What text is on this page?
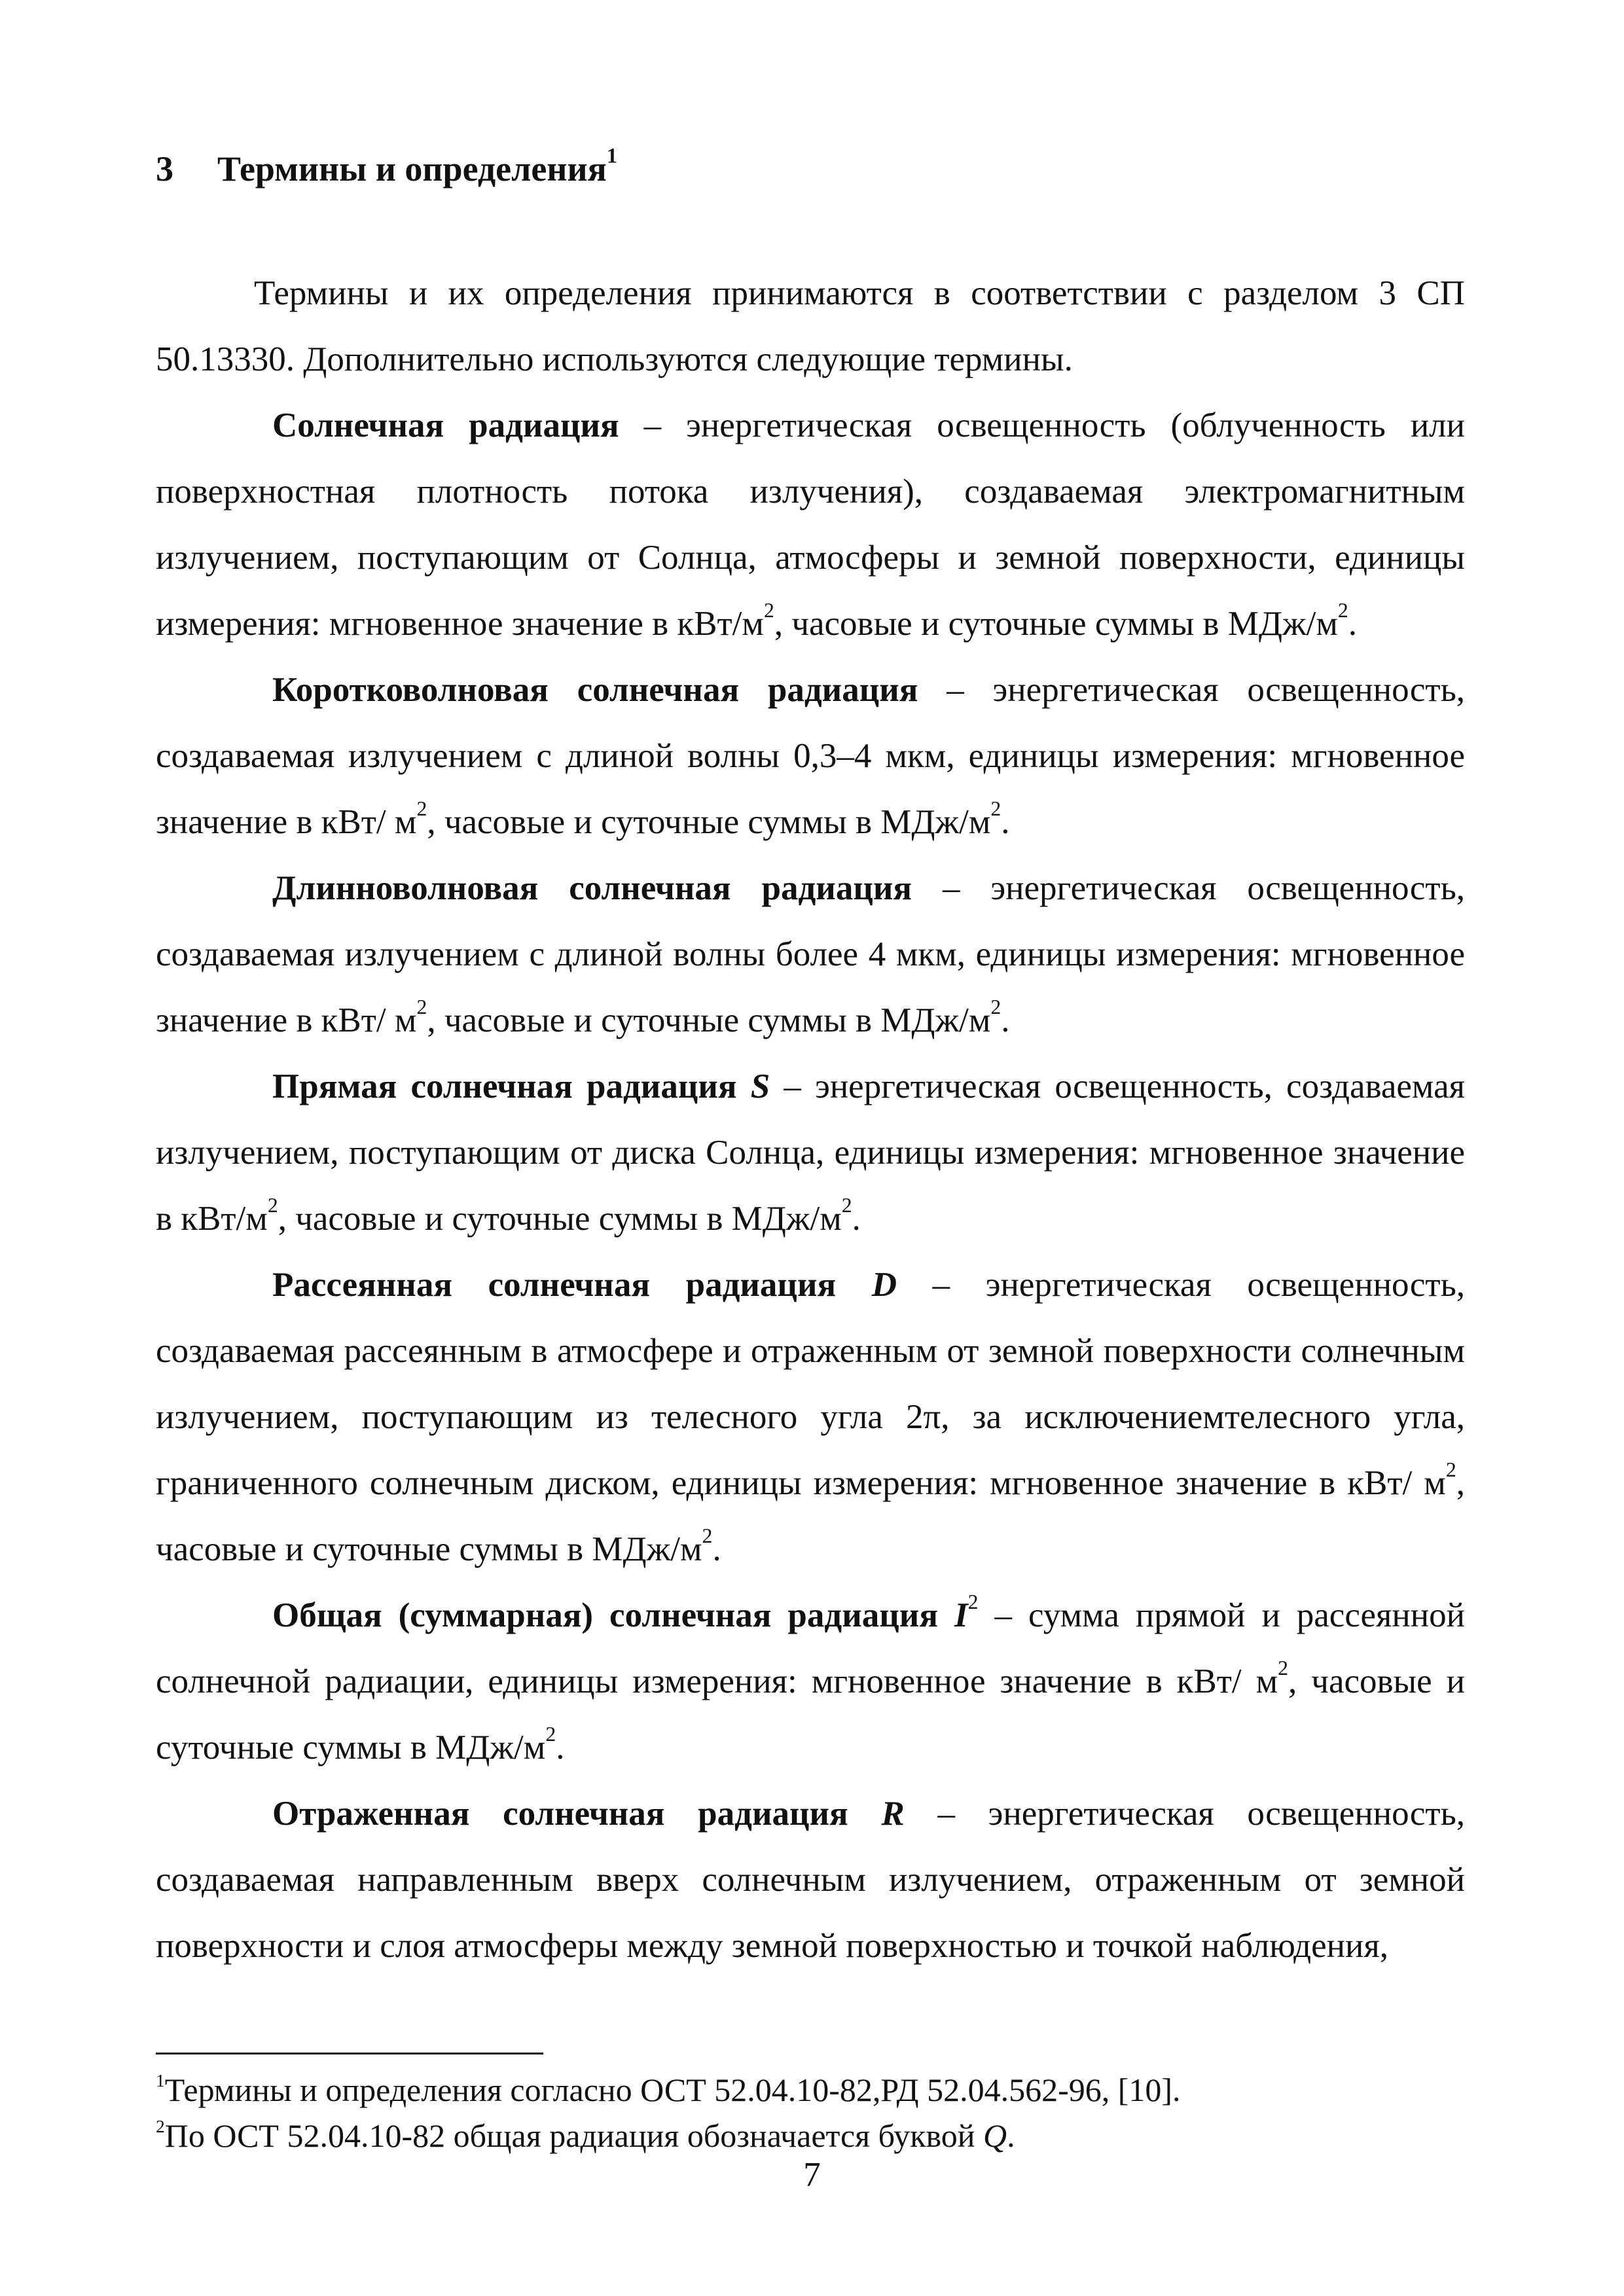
3 Термины и определения$^1$

Термины и их определения принимаются в соответствии с разделом 3 СП 50.13330. Дополнительно используются следующие термины.

Солнечная радиация – энергетическая освещенность (облученность или поверхностная плотность потока излучения), создаваемая электромагнитным излучением, поступающим от Солнца, атмосферы и земной поверхности, единицы измерения: мгновенное значение в кВт/$м^2$, часовые и суточные суммы в МДж/$м^2$.

Коротковолновая солнечная радиация – энергетическая освещенность, создаваемая излучением с длиной волны 0,3–4 мкм, единицы измерения: мгновенное значение в кВт/ $м^2$, часовые и суточные суммы в МДж/$м^2$.

Длинноволновая солнечная радиация – энергетическая освещенность, создаваемая излучением с длиной волны более 4 мкм, единицы измерения: мгновенное значение в кВт/ $м^2$, часовые и суточные суммы в МДж/$м^2$.

Прямая солнечная радиация S – энергетическая освещенность, создаваемая излучением, поступающим от диска Солнца, единицы измерения: мгновенное значение в кВт/$м^2$, часовые и суточные суммы в МДж/$м^2$.

Рассеянная солнечная радиация D – энергетическая освещенность, создаваемая рассеянным в атмосфере и отраженным от земной поверхности солнечным излучением, поступающим из телесного угла 2π, за исключениемтелесного угла, граниченного солнечным диском, единицы измерения: мгновенное значение в кВт/ $м^2$, часовые и суточные суммы в МДж/$м^2$.

Общая (суммарная) солнечная радиация $I^2$ – сумма прямой и рассеянной солнечной радиации, единицы измерения: мгновенное значение в кВт/ $м^2$, часовые и суточные суммы в МДж/$м^2$.

Отраженная солнечная радиация R – энергетическая освещенность, создаваемая направленным вверх солнечным излучением, отраженным от земной поверхности и слоя атмосферы между земной поверхностью и точкой наблюдения,

$^1$Термины и определения согласно ОСТ 52.04.10-82,РД 52.04.562-96, [10].
$^2$По ОСТ 52.04.10-82 общая радиация обозначается буквой Q.
7
